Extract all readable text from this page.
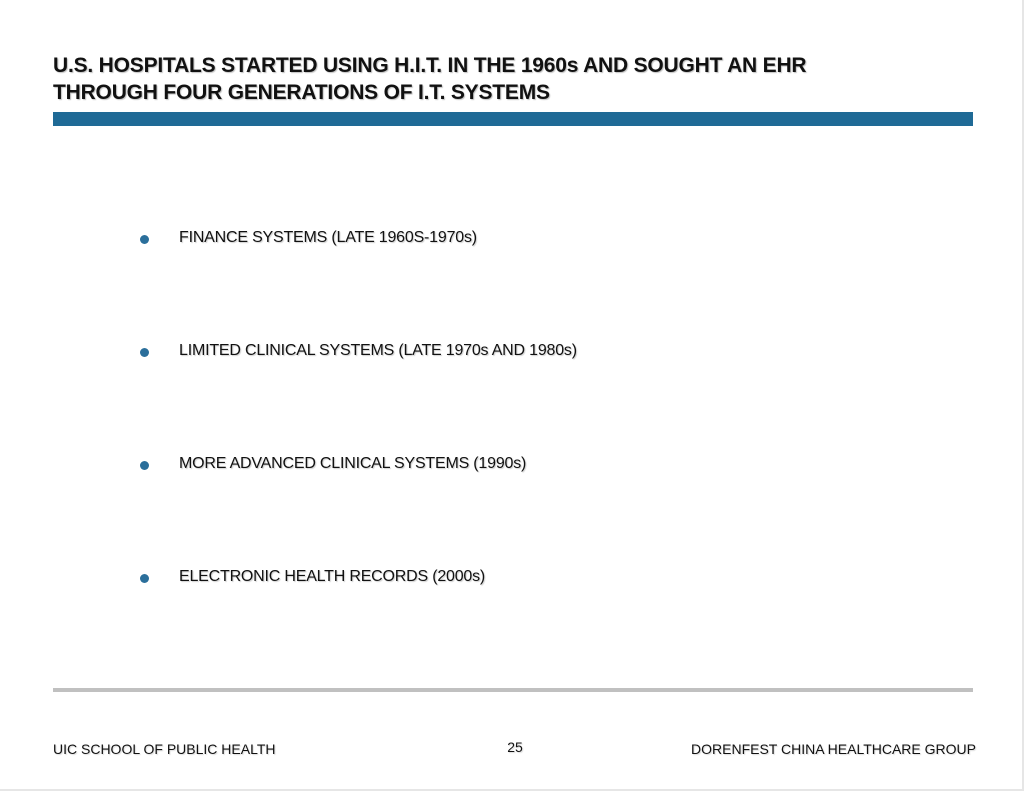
U.S. HOSPITALS STARTED USING H.I.T. IN THE 1960s AND SOUGHT AN EHR
THROUGH FOUR GENERATIONS OF I.T. SYSTEMS
FINANCE SYSTEMS (LATE 1960S-1970s)
LIMITED CLINICAL SYSTEMS (LATE 1970s AND 1980s)
MORE ADVANCED CLINICAL SYSTEMS (1990s)
ELECTRONIC HEALTH RECORDS (2000s)
UIC SCHOOL OF PUBLIC HEALTH	25	DORENFEST CHINA HEALTHCARE GROUP
